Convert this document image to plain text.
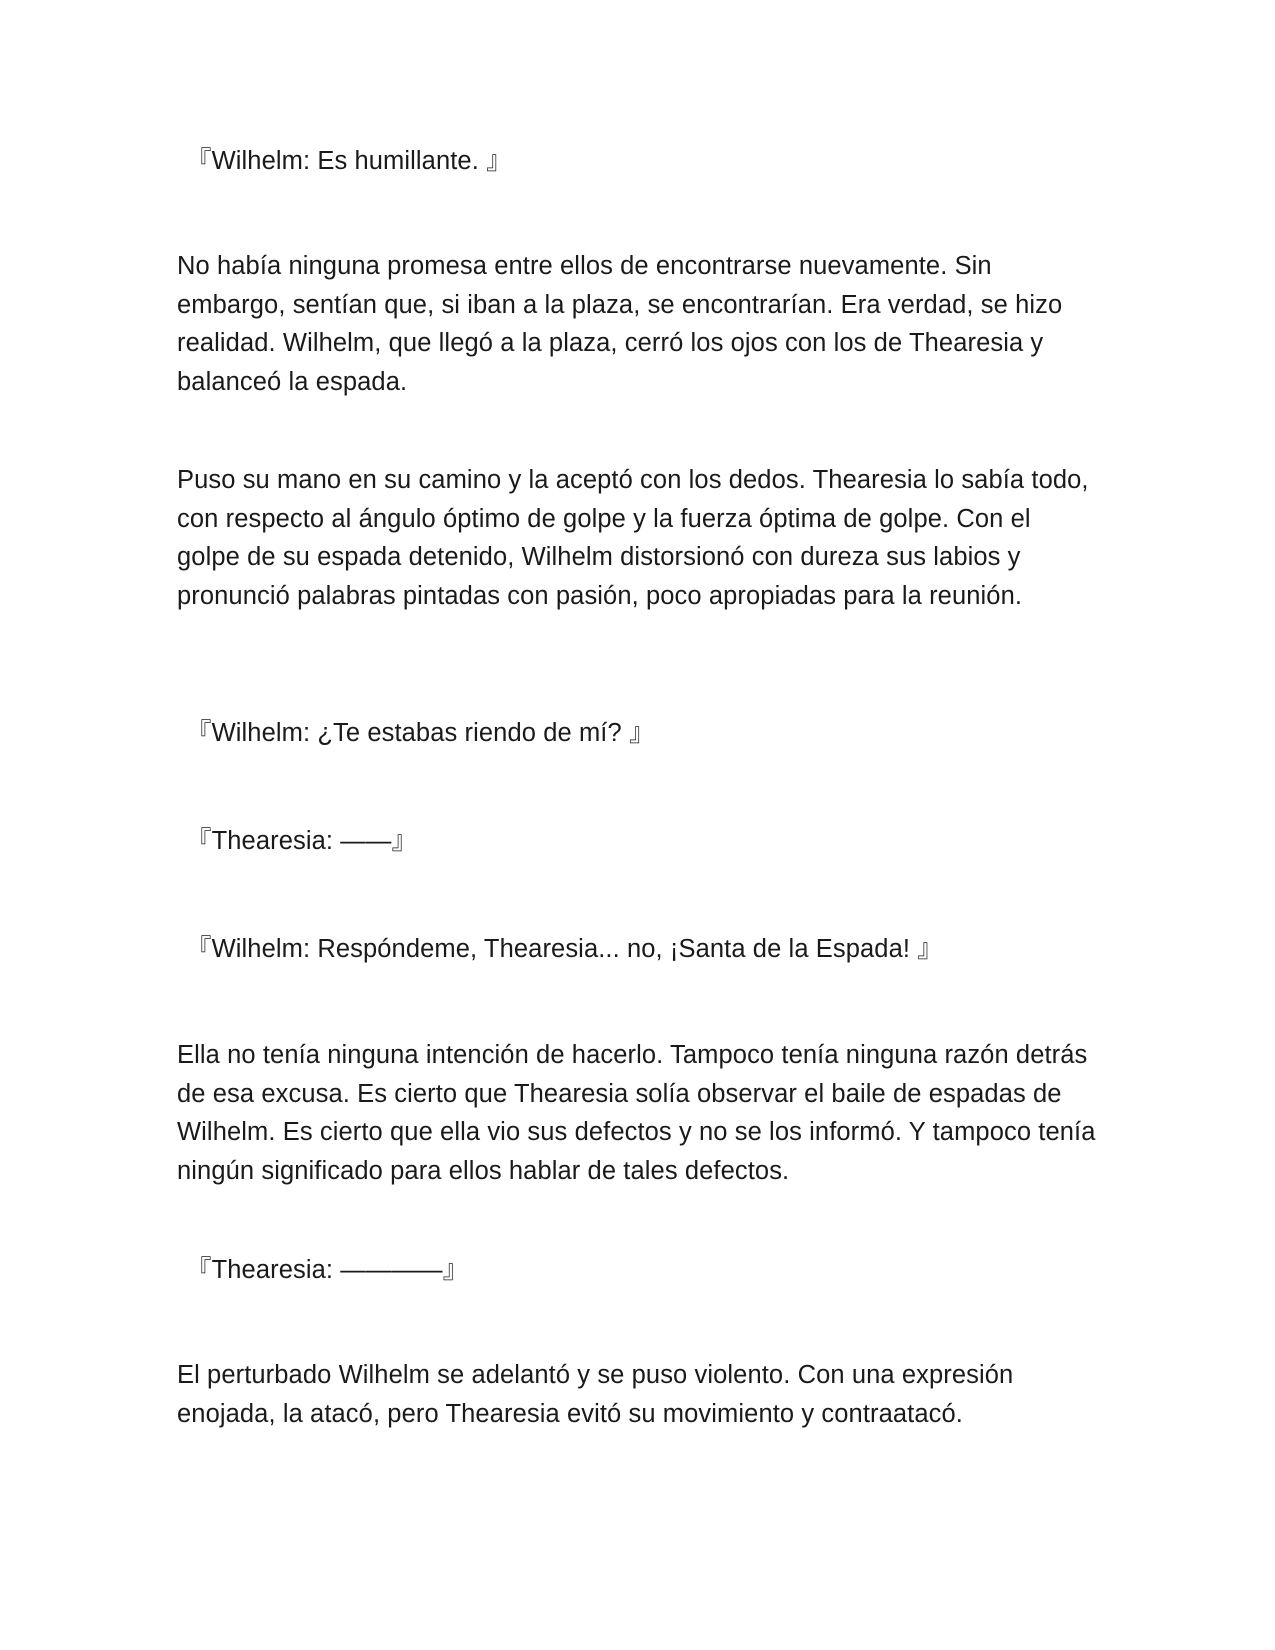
『Wilhelm: Es humillante. 』

No había ninguna promesa entre ellos de encontrarse nuevamente. Sin embargo, sentían que, si iban a la plaza, se encontrarían. Era verdad, se hizo realidad. Wilhelm, que llegó a la plaza, cerró los ojos con los de Thearesia y balanceó la espada.

Puso su mano en su camino y la aceptó con los dedos. Thearesia lo sabía todo, con respecto al ángulo óptimo de golpe y la fuerza óptima de golpe. Con el golpe de su espada detenido, Wilhelm distorsionó con dureza sus labios y pronunció palabras pintadas con pasión, poco apropiadas para la reunión.

『Wilhelm: ¿Te estabas riendo de mí? 』

『Thearesia: ——』

『Wilhelm: Respóndeme, Thearesia... no, ¡Santa de la Espada! 』

Ella no tenía ninguna intención de hacerlo. Tampoco tenía ninguna razón detrás de esa excusa. Es cierto que Thearesia solía observar el baile de espadas de Wilhelm. Es cierto que ella vio sus defectos y no se los informó. Y tampoco tenía ningún significado para ellos hablar de tales defectos.

『Thearesia: ————』

El perturbado Wilhelm se adelantó y se puso violento. Con una expresión enojada, la atacó, pero Thearesia evitó su movimiento y contraatacó.
